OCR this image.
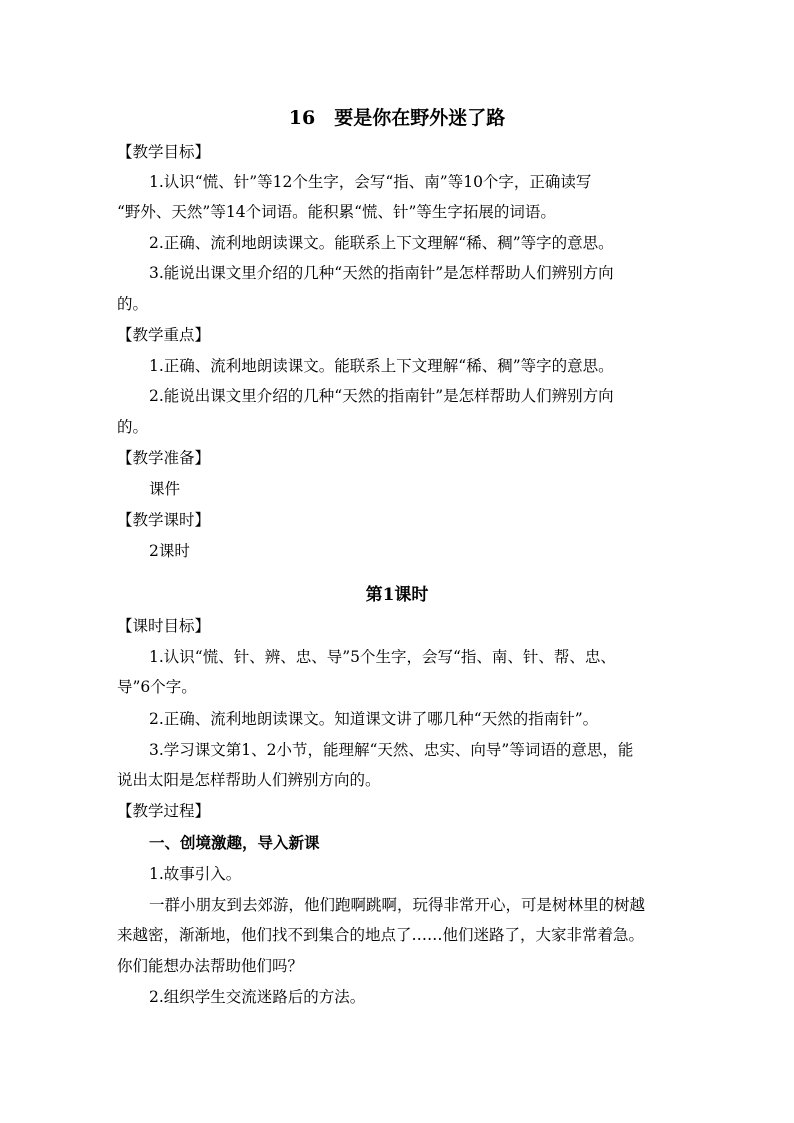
16　要是你在野外迷了路
【教学目标】
1.认识“慌、针”等12个生字，会写“指、南”等10个字，正确读写
“野外、天然”等14个词语。能积累“慌、针”等生字拓展的词语。
2.正确、流利地朗读课文。能联系上下文理解“稀、稠”等字的意思。
3.能说出课文里介绍的几种“天然的指南针”是怎样帮助人们辨别方向
的。
【教学重点】
1.正确、流利地朗读课文。能联系上下文理解“稀、稠”等字的意思。
2.能说出课文里介绍的几种“天然的指南针”是怎样帮助人们辨别方向
的。
【教学准备】
课件
【教学课时】
2课时
第1课时
【课时目标】
1.认识“慌、针、辨、忠、导”5个生字，会写“指、南、针、帮、忠、
导”6个字。
2.正确、流利地朗读课文。知道课文讲了哪几种“天然的指南针”。
3.学习课文第1、2小节，能理解“天然、忠实、向导”等词语的意思，能
说出太阳是怎样帮助人们辨别方向的。
【教学过程】
一、创境激趣，导入新课
1.故事引入。
一群小朋友到去郊游，他们跑啊跳啊，玩得非常开心，可是树林里的树越
来越密，渐渐地，他们找不到集合的地点了……他们迷路了，大家非常着急。
你们能想办法帮助他们吗？
2.组织学生交流迷路后的方法。
